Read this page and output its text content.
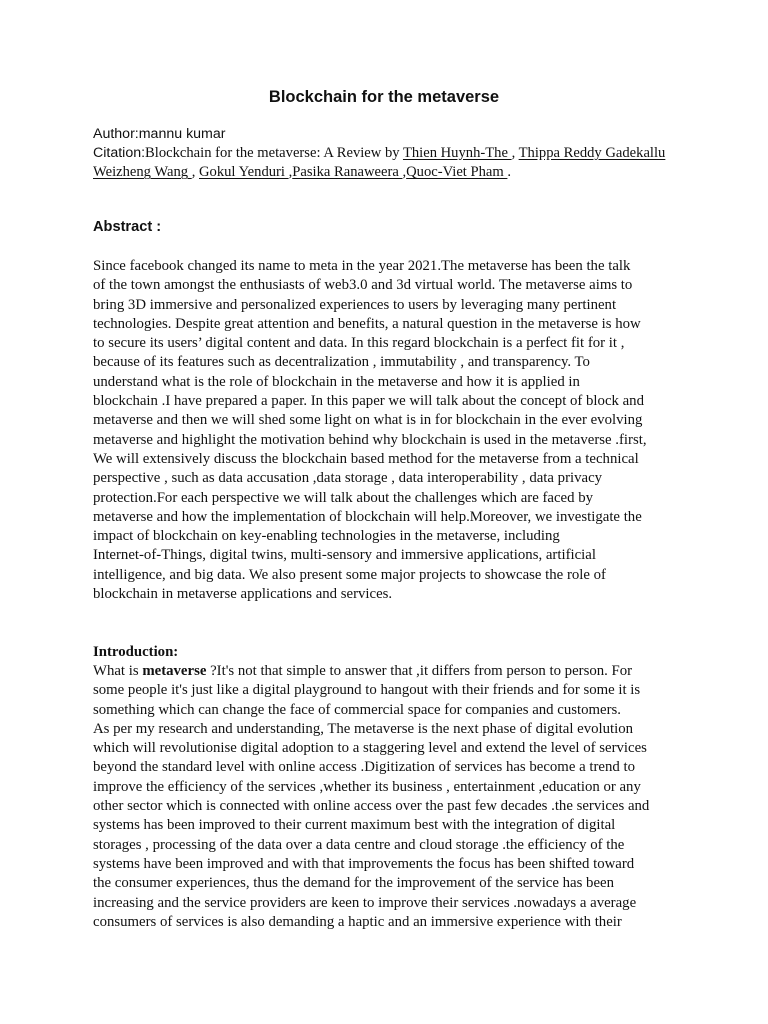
Blockchain for the metaverse

Author:mannu kumar

Citation:Blockchain for the metaverse: A Review by Thien Huynh-The , Thippa Reddy Gadekallu Weizheng Wang , Gokul Yenduri ,Pasika Ranaweera ,Quoc-Viet Pham .

Abstract :
Since facebook changed its name to meta in the year 2021.The metaverse has been the talk
of the town amongst the enthusiasts of web3.0 and 3d virtual world. The metaverse aims to
bring 3D immersive and personalized experiences to users by leveraging many pertinent
technologies. Despite great attention and benefits, a natural question in the metaverse is how
to secure its users’ digital content and data. In this regard blockchain is a perfect fit for it ,
because of its features such as decentralization , immutability , and transparency. To
understand what is the role of blockchain in the metaverse and how it is applied in
blockchain .I have prepared a paper. In this paper we will talk about the concept of block and
metaverse and then we will shed some light on what is in for blockchain in the ever evolving
metaverse and highlight the motivation behind why blockchain is used in the metaverse .first,
We will extensively discuss the blockchain based method for the metaverse from a technical
perspective , such as data accusation ,data storage , data interoperability , data privacy
protection.For each perspective we will talk about the challenges which are faced by
metaverse and how the implementation of blockchain will help.Moreover, we investigate the
impact of blockchain on key-enabling technologies in the metaverse, including
Internet-of-Things, digital twins, multi-sensory and immersive applications, artificial
intelligence, and big data. We also present some major projects to showcase the role of
blockchain in metaverse applications and services.
Introduction:
What is metaverse ?It's not that simple to answer that ,it differs from person to person. For
some people it's just like a digital playground to hangout with their friends and for some it is
something which can change the face of commercial space for companies and customers.
As per my research and understanding, The metaverse is the next phase of digital evolution
which will revolutionise digital adoption to a staggering level and extend the level of services
beyond the standard level with online access .Digitization of services has become a trend to
improve the efficiency of the services ,whether its business , entertainment ,education or any
other sector which is connected with online access over the past few decades .the services and
systems has been improved to their current maximum best with the integration of digital
storages , processing of the data over a data centre and cloud storage .the efficiency of the
systems have been improved and with that improvements the focus has been shifted toward
the consumer experiences, thus the demand for the improvement of the service has been
increasing and the service providers are keen to improve their services .nowadays a average
consumers of services is also demanding a haptic and an immersive experience with their
